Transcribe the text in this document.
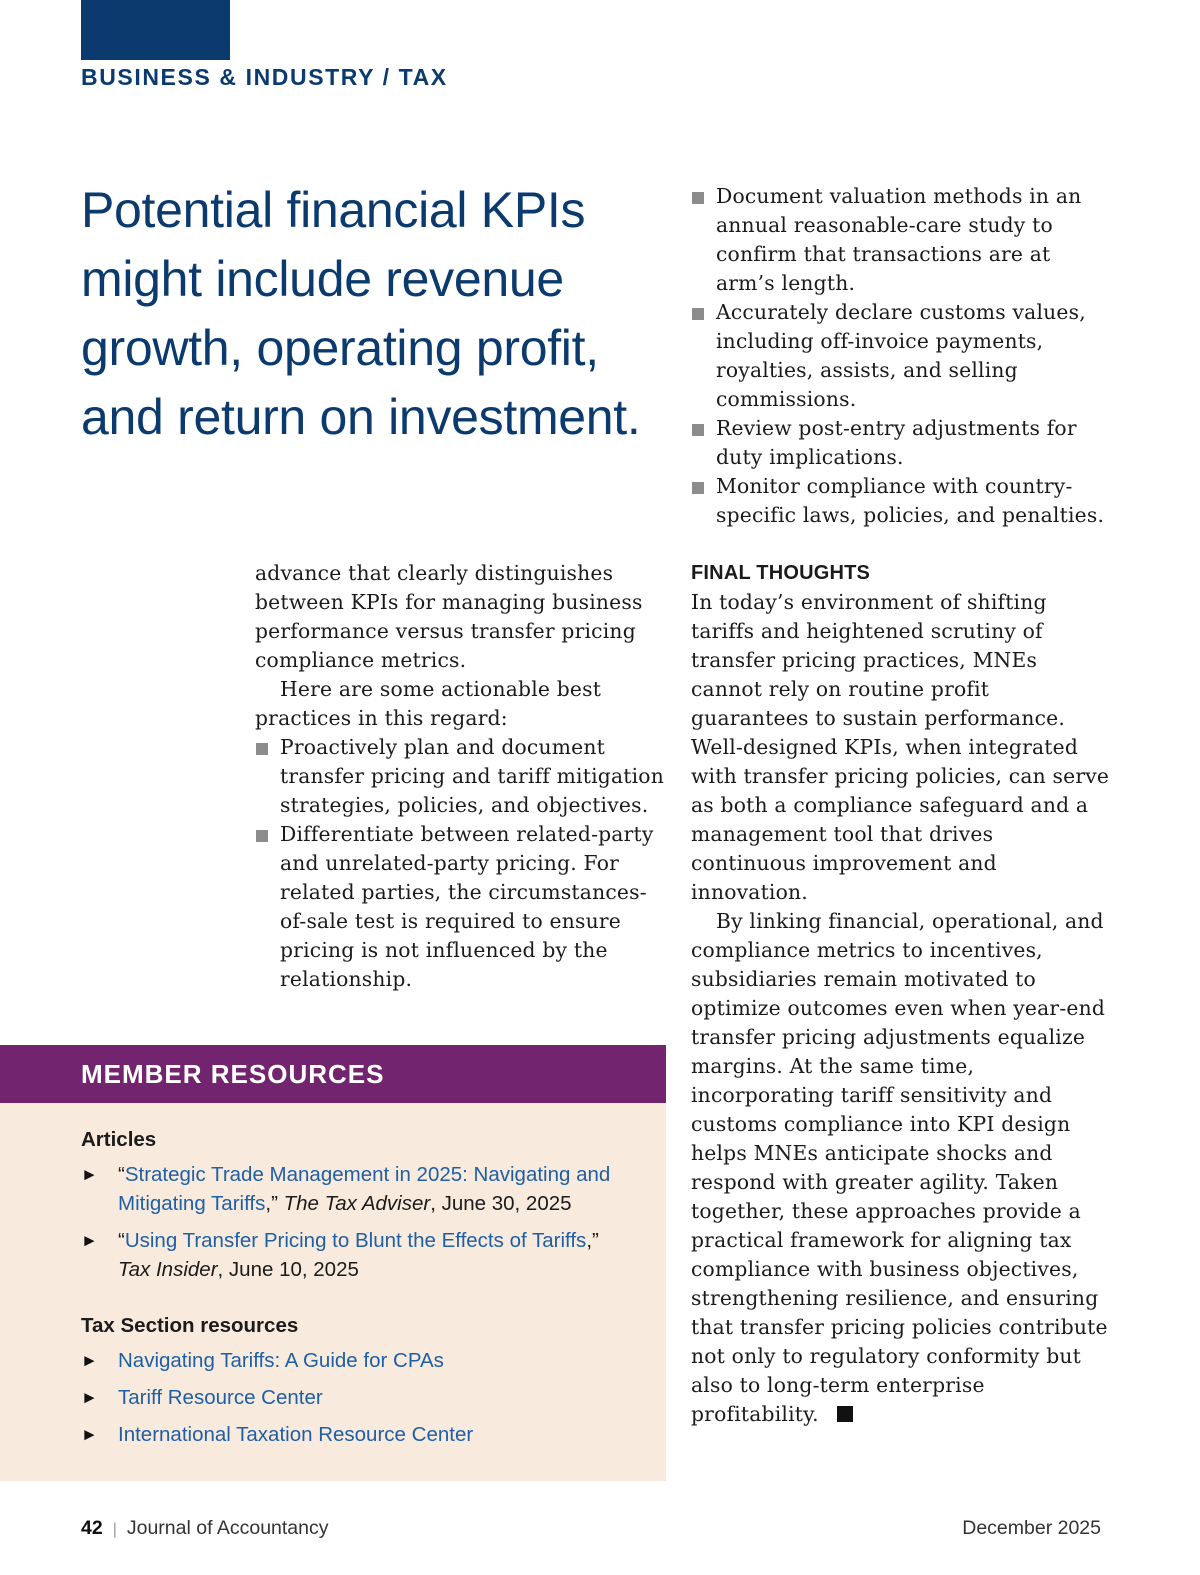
BUSINESS & INDUSTRY / TAX
Potential financial KPIs might include revenue growth, operating profit, and return on investment.

advance that clearly distinguishes between KPIs for managing business performance versus transfer pricing compliance metrics.

Here are some actionable best practices in this regard:

Proactively plan and document transfer pricing and tariff mitigation strategies, policies, and objectives.
Differentiate between related-party and unrelated-party pricing. For related parties, the circumstances-of-sale test is required to ensure pricing is not influenced by the relationship.
Document valuation methods in an annual reasonable-care study to confirm that transactions are at arm’s length.
Accurately declare customs values, including off-invoice payments, royalties, assists, and selling commissions.
Review post-entry adjustments for duty implications.
Monitor compliance with country-specific laws, policies, and penalties.
FINAL THOUGHTS

In today’s environment of shifting tariffs and heightened scrutiny of transfer pricing practices, MNEs cannot rely on routine profit guarantees to sustain performance. Well-designed KPIs, when integrated with transfer pricing policies, can serve as both a compliance safeguard and a management tool that drives continuous improvement and innovation.

By linking financial, operational, and compliance metrics to incentives, subsidiaries remain motivated to optimize outcomes even when year-end transfer pricing adjustments equalize margins. At the same time, incorporating tariff sensitivity and customs compliance into KPI design helps MNEs anticipate shocks and respond with greater agility. Taken together, these approaches provide a practical framework for aligning tax compliance with business objectives, strengthening resilience, and ensuring that transfer pricing policies contribute not only to regulatory conformity but also to long-term enterprise profitability.

MEMBER RESOURCES
Articles
► “Strategic Trade Management in 2025: Navigating and Mitigating Tariffs,” The Tax Adviser, June 30, 2025
► “Using Transfer Pricing to Blunt the Effects of Tariffs,”
Tax Insider, June 10, 2025
Tax Section resources
► Navigating Tariffs: A Guide for CPAs
► Tariff Resource Center
► International Taxation Resource Center
42 | Journal of Accountancy	December 2025
